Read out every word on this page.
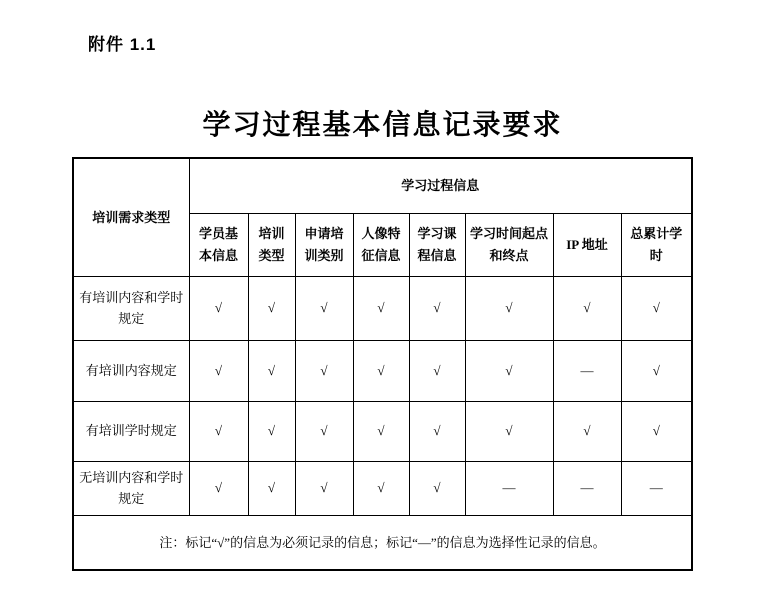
附件 1.1
学习过程基本信息记录要求
培训需求类型	学习过程信息							
	学员基本信息	培训类型	申请培训类别	人像特征信息	学习课程信息	学习时间起点和终点	IP 地址	总累计学时
有培训内容和学时规定	√	√	√	√	√	√	√	√
有培训内容规定	√	√	√	√	√	√	—	√
有培训学时规定	√	√	√	√	√	√	√	√
无培训内容和学时规定	√	√	√	√	√	—	—	—
注：标记“√”的信息为必须记录的信息；标记“—”的信息为选择性记录的信息。								
